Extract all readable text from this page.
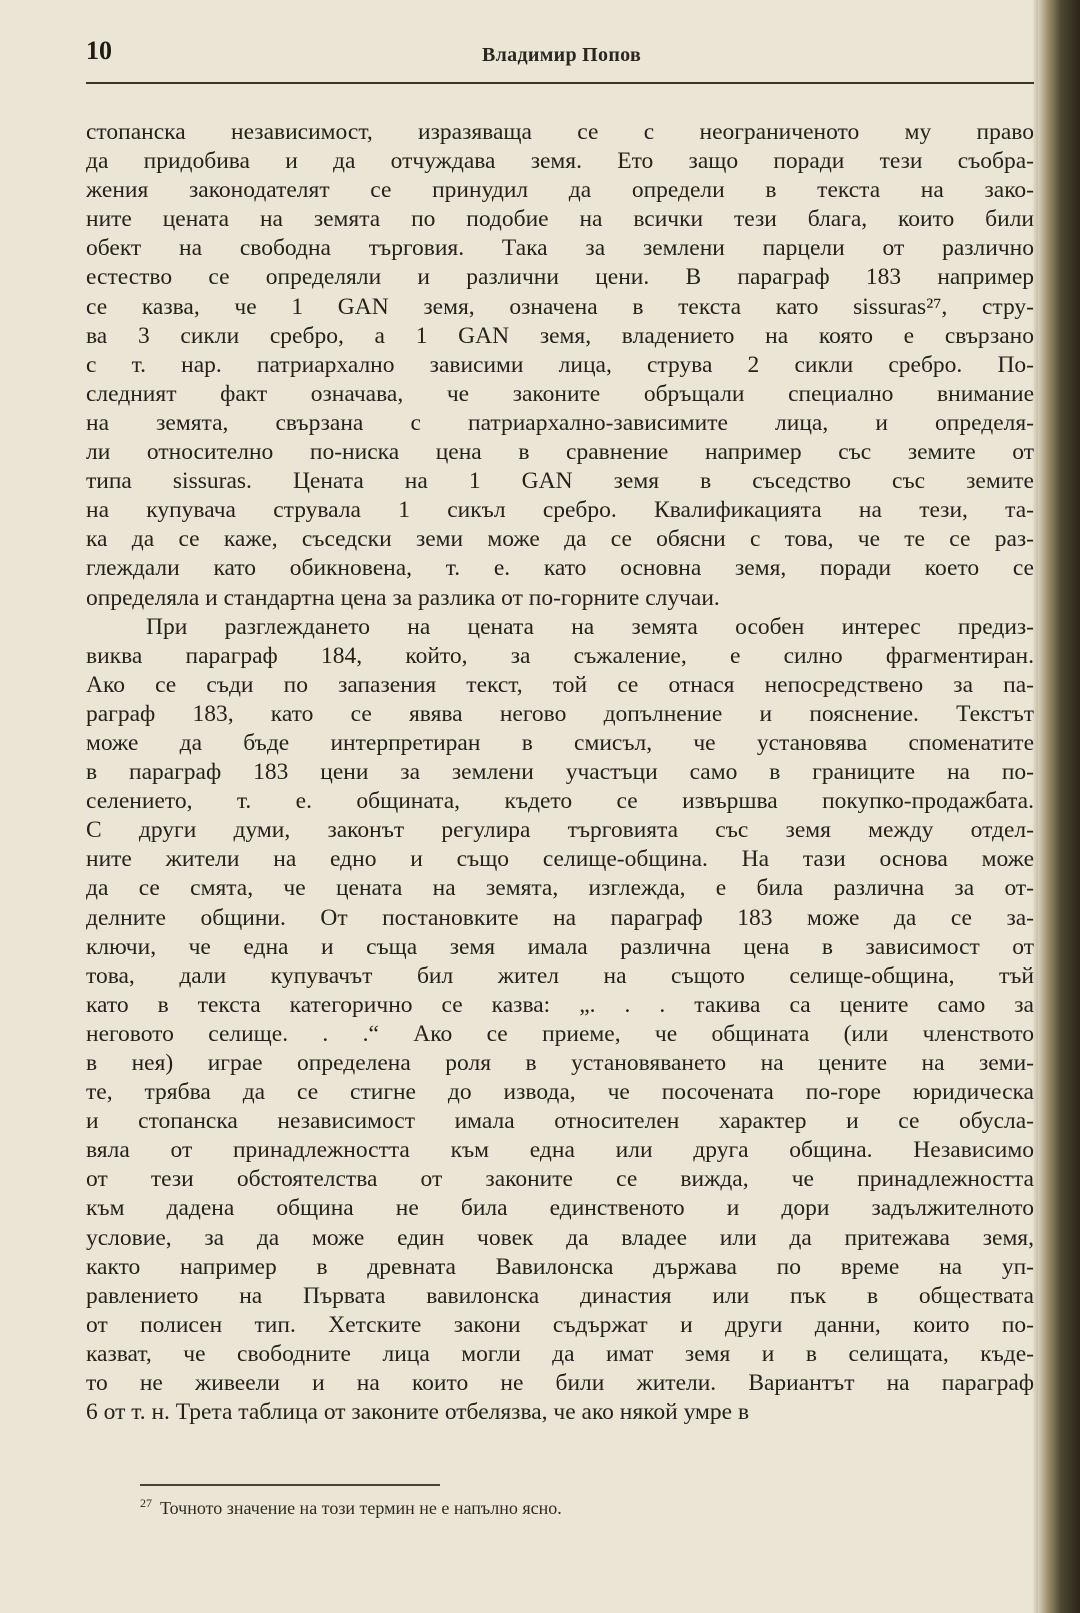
10	Владимир Попов
стопанска независимост, изразяваща се с неограниченото му право
да придобива и да отчуждава земя. Ето защо поради тези съобра-
жения законодателят се принудил да определи в текста на зако-
ните цената на земята по подобие на всички тези блага, които били
обект на свободна търговия. Така за землени парцели от различно
естество се определяли и различни цени. В параграф 183 например
се казва, че 1 GAN земя, означена в текста като sissuras²⁷, стру-
ва 3 сикли сребро, а 1 GAN земя, владението на която е свързано
с т. нар. патриархално зависими лица, струва 2 сикли сребро. По-
следният факт означава, че законите обръщали специално внимание
на земята, свързана с патриархално-зависимите лица, и определя-
ли относително по-ниска цена в сравнение например със земите от
типа sissuras. Цената на 1 GAN земя в съседство със земите
на купувача струвала 1 сикъл сребро. Квалификацията на тези, та-
ка да се каже, съседски земи може да се обясни с това, че те се раз-
глеждали като обикновена, т. е. като основна земя, поради което се
определяла и стандартна цена за разлика от по-горните случаи.
При разглеждането на цената на земята особен интерес предиз-
виква параграф 184, който, за съжаление, е силно фрагментиран.
Ако се съди по запазения текст, той се отнася непосредствено за па-
раграф 183, като се явява негово допълнение и пояснение. Текстът
може да бъде интерпретиран в смисъл, че установява споменатите
в параграф 183 цени за землени участъци само в границите на по-
селението, т. е. общината, където се извършва покупко-продажбата.
С други думи, законът регулира търговията със земя между отдел-
ните жители на едно и също селище-община. На тази основа може
да се смята, че цената на земята, изглежда, е била различна за от-
делните общини. От постановките на параграф 183 може да се за-
ключи, че една и съща земя имала различна цена в зависимост от
това, дали купувачът бил жител на същото селище-община, тъй
като в текста категорично се казва: „. . . такива са цените само за
неговото селище. . .“ Ако се приеме, че общината (или членството
в нея) играе определена роля в установяването на цените на земи-
те, трябва да се стигне до извода, че посочената по-горе юридическа
и стопанска независимост имала относителен характер и се обусла-
вяла от принадлежността към една или друга община. Независимо
от тези обстоятелства от законите се вижда, че принадлежността
към дадена община не била единственото и дори задължителното
условие, за да може един човек да владее или да притежава земя,
както например в древната Вавилонска държава по време на уп-
равлението на Първата вавилонска династия или пък в обществата
от полисен тип. Хетските закони съдържат и други данни, които по-
казват, че свободните лица могли да имат земя и в селищата, къде-
то не живеели и на които не били жители. Вариантът на параграф
6 от т. н. Трета таблица от законите отбелязва, че ако някой умре в
$^{27}$ Точното значение на този термин не е напълно ясно.
